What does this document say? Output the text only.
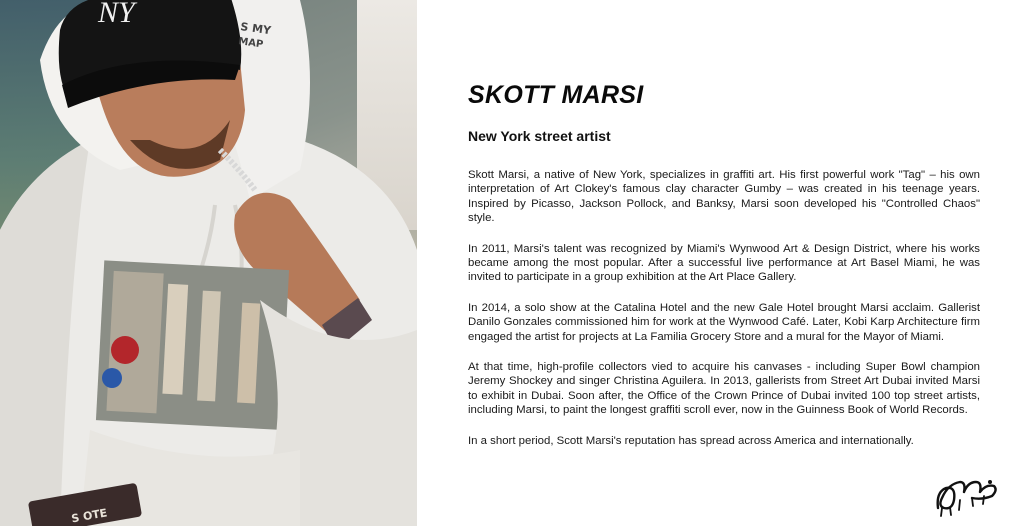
NY	S MY
MAP
S OTE
SKOTT MARSI
New York street artist

Skott Marsi, a native of New York, specializes in graffiti art. His first powerful work "Tag" – his own interpretation of Art Clokey's famous clay character Gumby – was created in his teenage years. Inspired by Picasso, Jackson Pollock, and Banksy, Marsi soon developed his "Controlled Chaos" style.

In 2011, Marsi's talent was recognized by Miami's Wynwood Art & Design District, where his works became among the most popular. After a successful live performance at Art Basel Miami, he was invited to participate in a group exhibition at the Art Place Gallery.

In 2014, a solo show at the Catalina Hotel and the new Gale Hotel brought Marsi acclaim. Gallerist Danilo Gonzales commissioned him for work at the Wynwood Café. Later, Kobi Karp Architecture firm engaged the artist for projects at La Familia Grocery Store and a mural for the Mayor of Miami.

At that time, high-profile collectors vied to acquire his canvases - including Super Bowl champion Jeremy Shockey and singer Christina Aguilera. In 2013, gallerists from Street Art Dubai invited Marsi to exhibit in Dubai. Soon after, the Office of the Crown Prince of Dubai invited 100 top street artists, including Marsi, to paint the longest graffiti scroll ever, now in the Guinness Book of World Records.

In a short period, Scott Marsi's reputation has spread across America and internationally.
